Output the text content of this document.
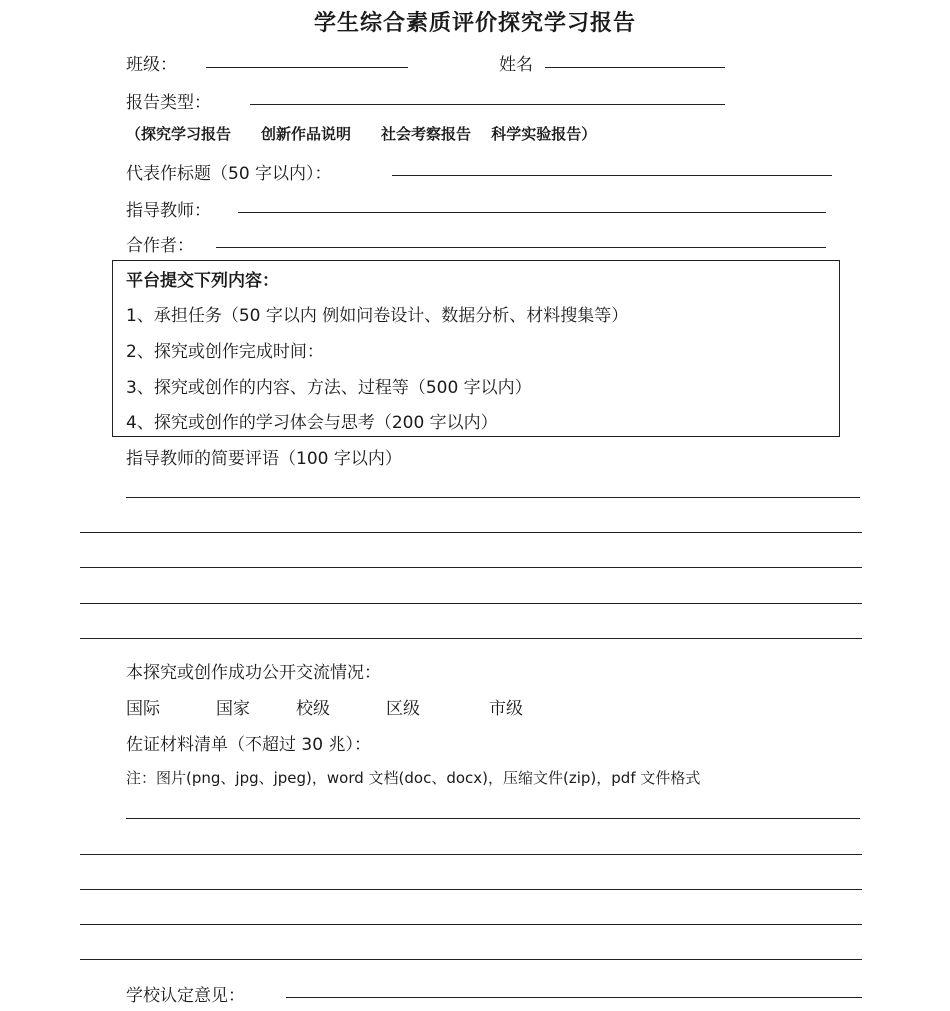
学生综合素质评价探究学习报告
班级：	姓名
报告类型：
（探究学习报告　　创新作品说明　　社会考察报告　 科学实验报告）
代表作标题（50 字以内）：
指导教师：
合作者：
平台提交下列内容：
1、承担任务（50 字以内 例如问卷设计、数据分析、材料搜集等）
2、探究或创作完成时间：
3、探究或创作的内容、方法、过程等（500 字以内）
4、探究或创作的学习体会与思考（200 字以内）
指导教师的简要评语（100 字以内）
本探究或创作成功公开交流情况：
国际	国家	校级	区级	市级
佐证材料清单（不超过 30 兆）：
注：图片(png、jpg、jpeg)，word 文档(doc、docx)，压缩文件(zip)，pdf 文件格式
学校认定意见：
